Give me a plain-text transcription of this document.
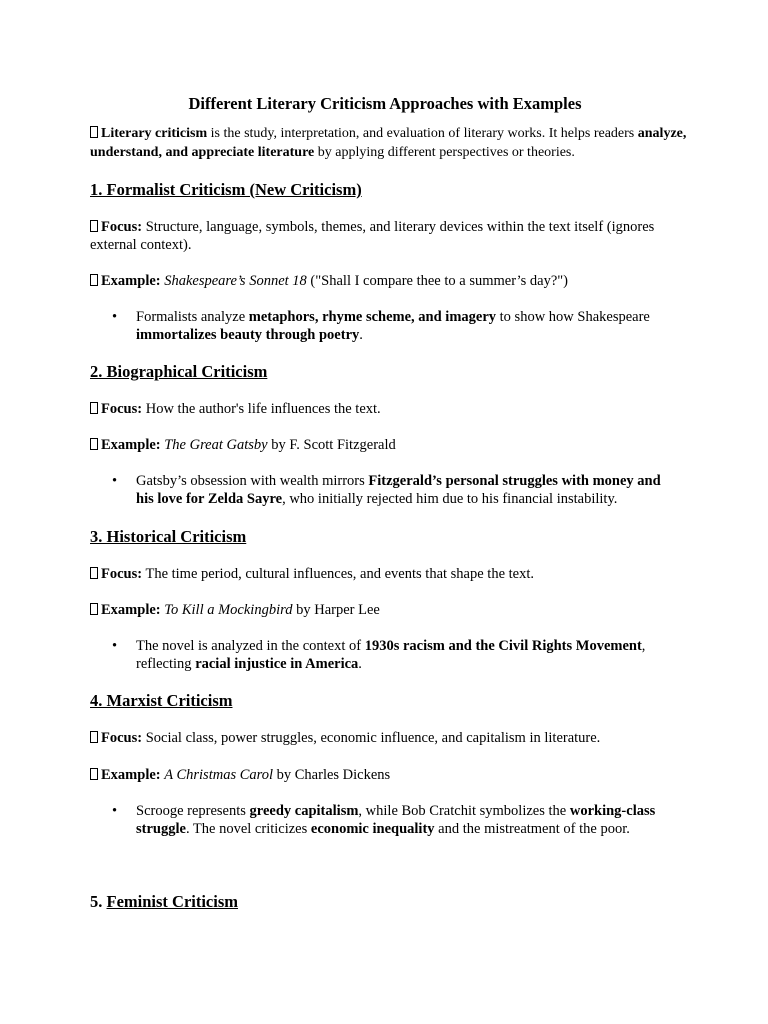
Different Literary Criticism Approaches with Examples
Literary criticism is the study, interpretation, and evaluation of literary works. It helps readers analyze, understand, and appreciate literature by applying different perspectives or theories.
1. Formalist Criticism (New Criticism)
Focus: Structure, language, symbols, themes, and literary devices within the text itself (ignores external context).
Example: Shakespeare’s Sonnet 18 ("Shall I compare thee to a summer’s day?")
• Formalists analyze metaphors, rhyme scheme, and imagery to show how Shakespeare immortalizes beauty through poetry.
2. Biographical Criticism
Focus: How the author's life influences the text.
Example: The Great Gatsby by F. Scott Fitzgerald
• Gatsby’s obsession with wealth mirrors Fitzgerald’s personal struggles with money and his love for Zelda Sayre, who initially rejected him due to his financial instability.
3. Historical Criticism
Focus: The time period, cultural influences, and events that shape the text.
Example: To Kill a Mockingbird by Harper Lee
• The novel is analyzed in the context of 1930s racism and the Civil Rights Movement, reflecting racial injustice in America.
4. Marxist Criticism
Focus: Social class, power struggles, economic influence, and capitalism in literature.
Example: A Christmas Carol by Charles Dickens
• Scrooge represents greedy capitalism, while Bob Cratchit symbolizes the working-class struggle. The novel criticizes economic inequality and the mistreatment of the poor.
5. Feminist Criticism
